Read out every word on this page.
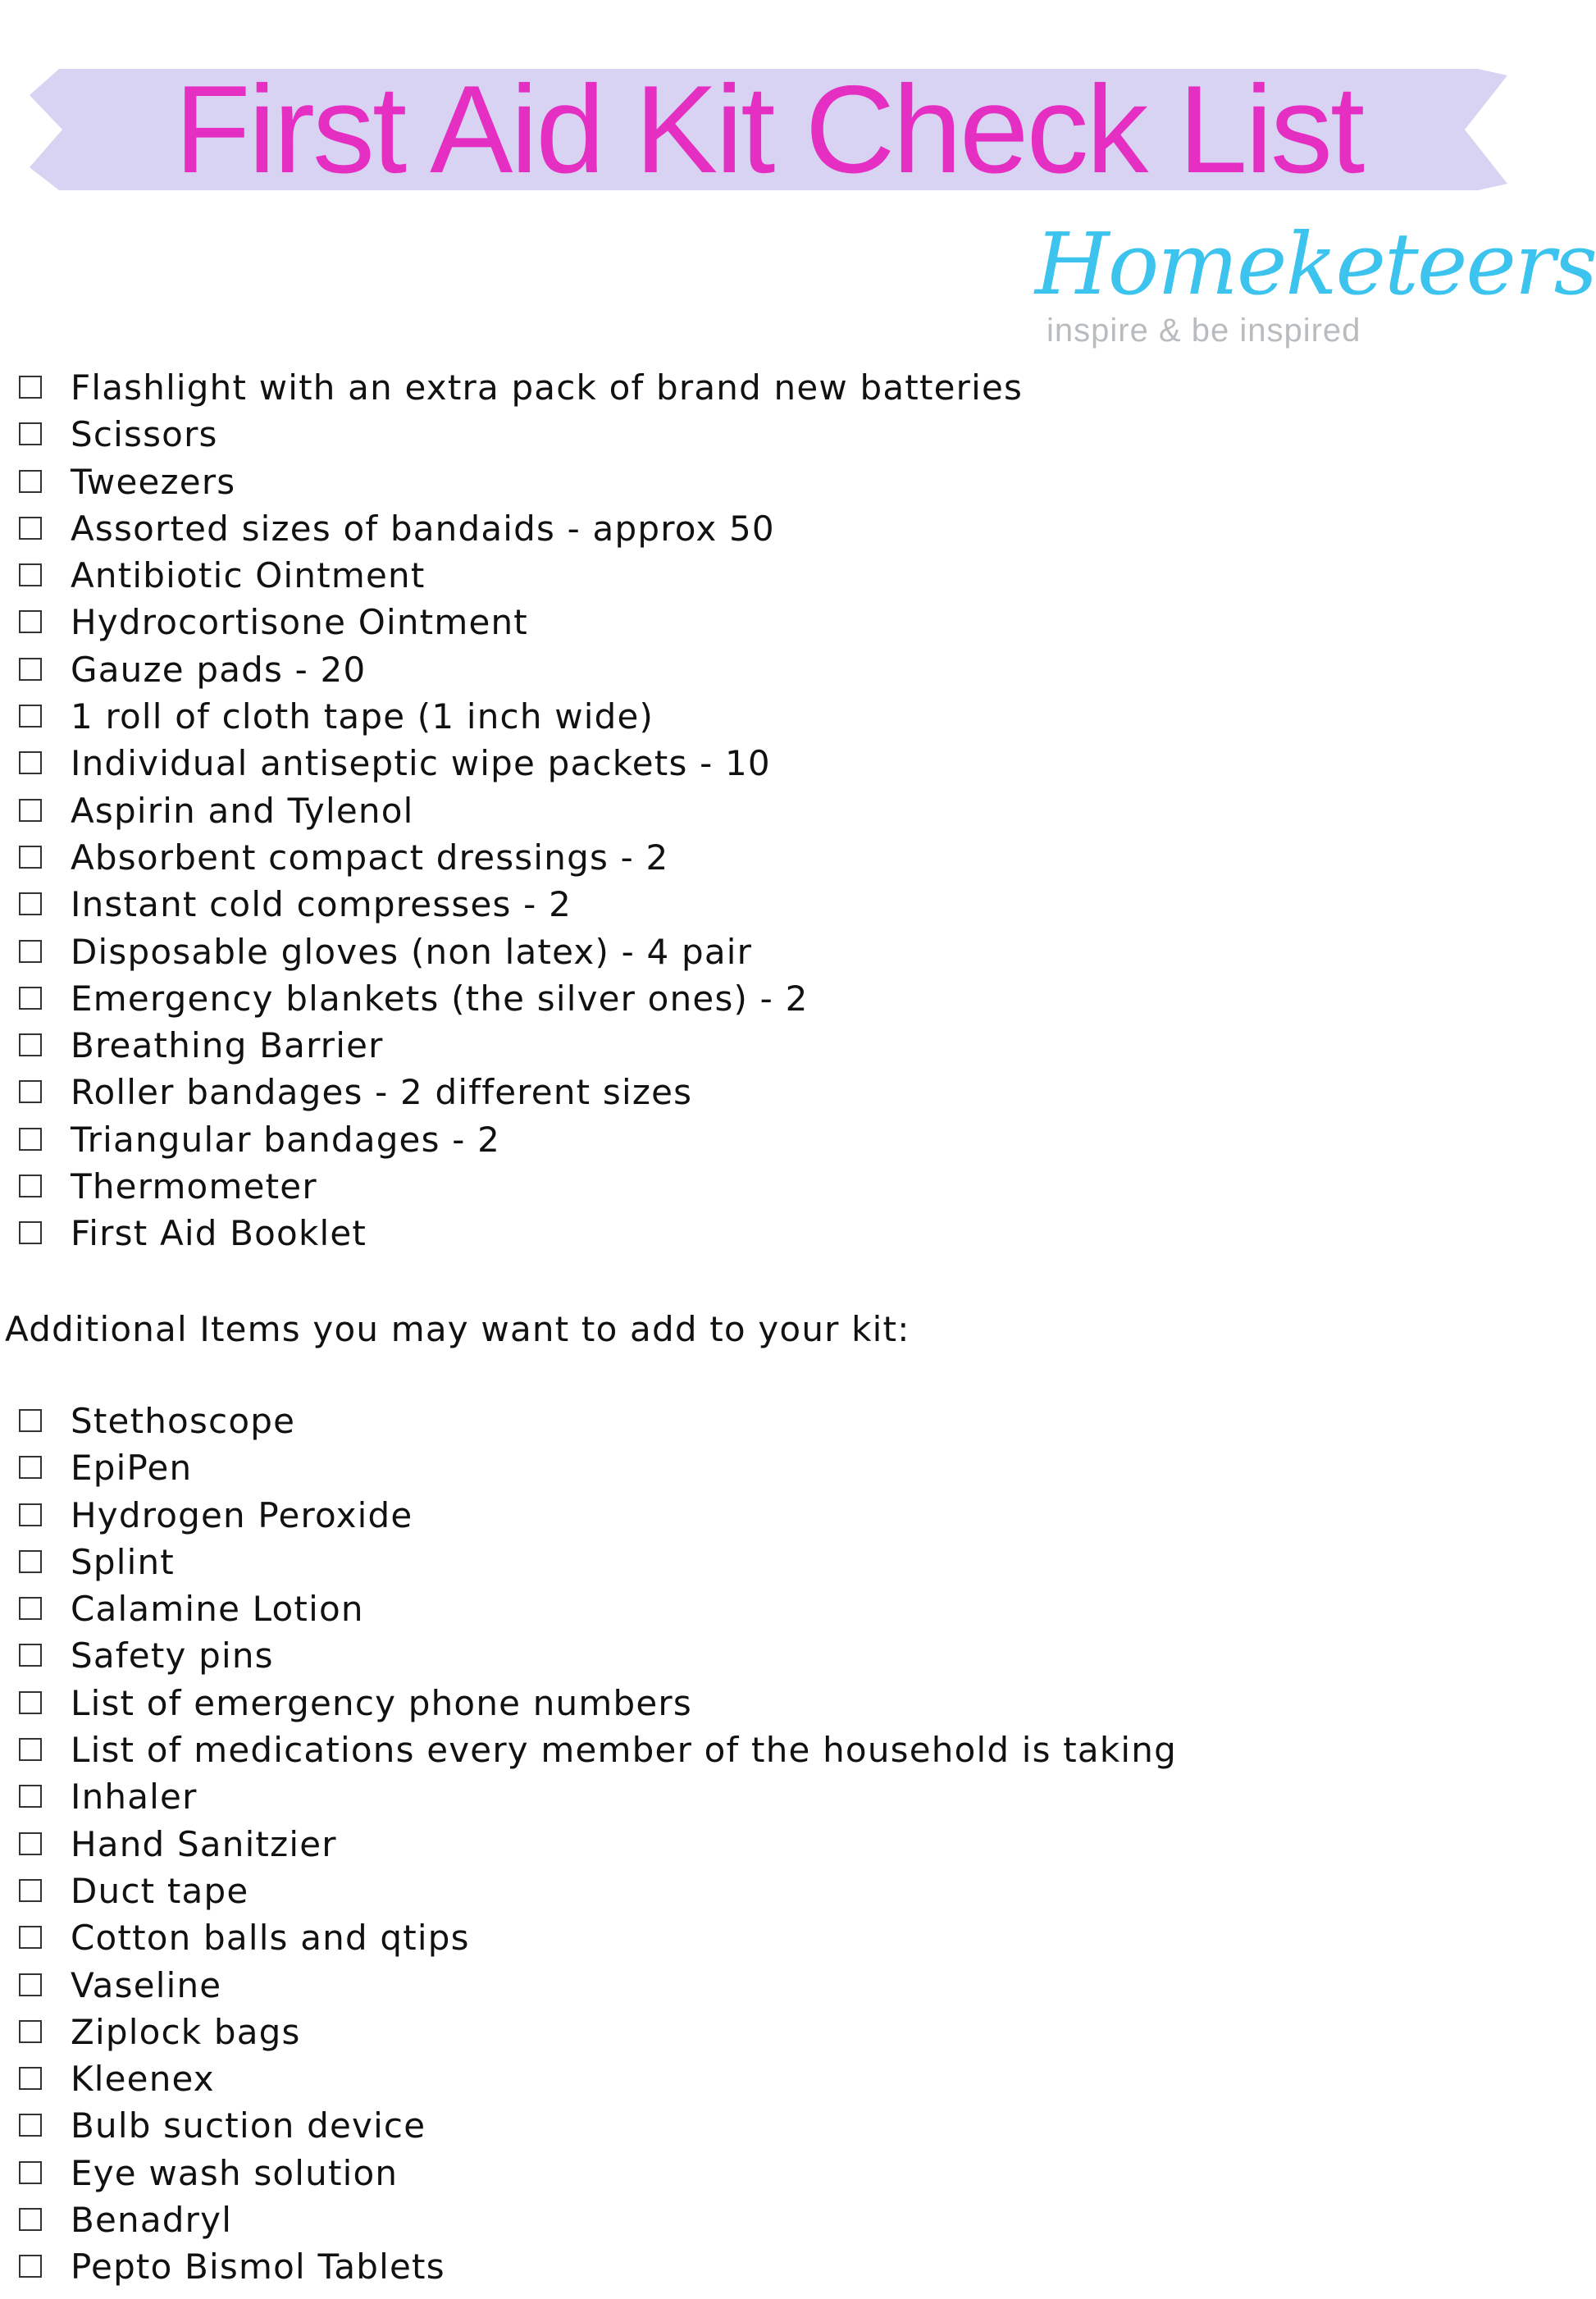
First Aid Kit Check List
Homeketeers
inspire & be inspired
Flashlight with an extra pack of brand new batteries
Scissors
Tweezers
Assorted sizes of bandaids - approx 50
Antibiotic Ointment
Hydrocortisone Ointment
Gauze pads - 20
1 roll of cloth tape (1 inch wide)
Individual antiseptic wipe packets - 10
Aspirin and Tylenol
Absorbent compact dressings - 2
Instant cold compresses - 2
Disposable gloves (non latex) - 4 pair
Emergency blankets (the silver ones) - 2
Breathing Barrier
Roller bandages - 2 different sizes
Triangular bandages - 2
Thermometer
First Aid Booklet
Additional Items you may want to add to your kit:
Stethoscope
EpiPen
Hydrogen Peroxide
Splint
Calamine Lotion
Safety pins
List of emergency phone numbers
List of medications every member of the household is taking
Inhaler
Hand Sanitzier
Duct tape
Cotton balls and qtips
Vaseline
Ziplock bags
Kleenex
Bulb suction device
Eye wash solution
Benadryl
Pepto Bismol Tablets
